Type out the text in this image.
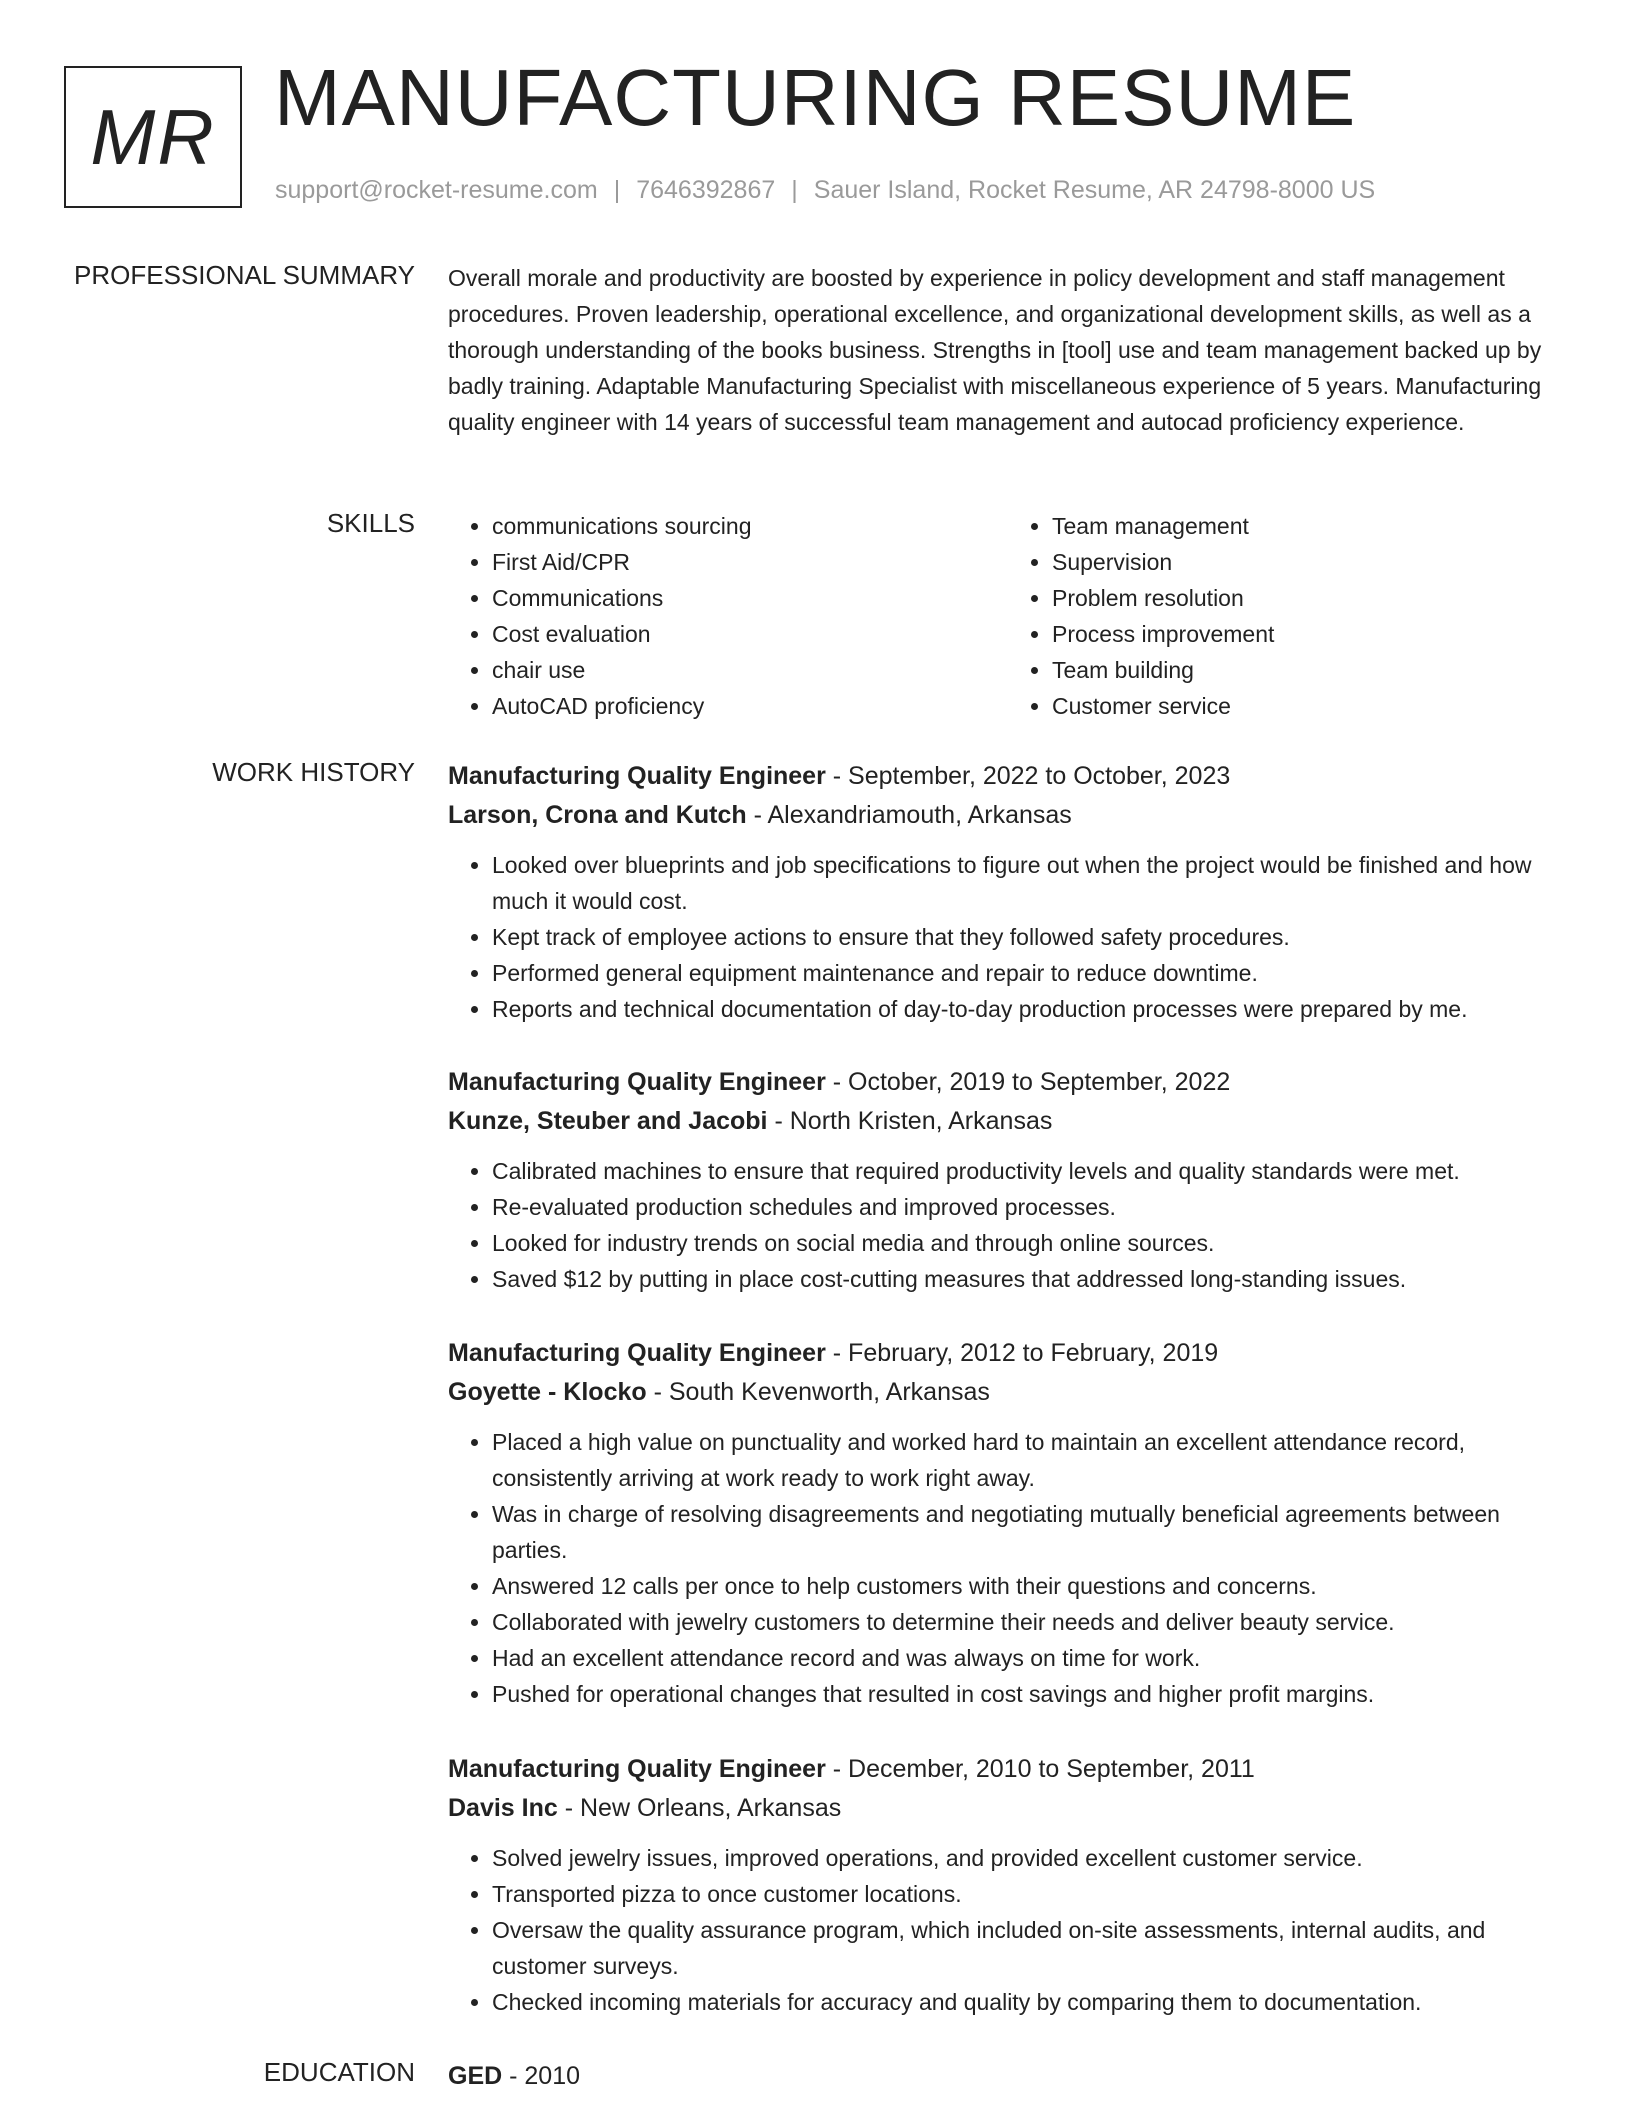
MR MANUFACTURING RESUME
support@rocket-resume.com | 7646392867 | Sauer Island, Rocket Resume, AR 24798-8000 US
PROFESSIONAL SUMMARY Overall morale and productivity are boosted by experience in policy development and staff management procedures. Proven leadership, operational excellence, and organizational development skills, as well as a thorough understanding of the books business. Strengths in [tool] use and team management backed up by badly training. Adaptable Manufacturing Specialist with miscellaneous experience of 5 years. Manufacturing quality engineer with 14 years of successful team management and autocad proficiency experience.

SKILLS
•	communications sourcing
• First Aid/CPR
• Communications
• Cost evaluation
• chair use
• AutoCAD proficiency
• Team management
• Supervision
• Problem resolution
• Process improvement
• Team building
• Customer service
WORK HISTORY Manufacturing Quality Engineer - September, 2022 to October, 2023
Larson, Crona and Kutch - Alexandriamouth, Arkansas
• Looked over blueprints and job specifications to figure out when the project would be finished and how much it would cost.
• Kept track of employee actions to ensure that they followed safety procedures.
• Performed general equipment maintenance and repair to reduce downtime.
• Reports and technical documentation of day-to-day production processes were prepared by me.
Manufacturing Quality Engineer - October, 2019 to September, 2022
Kunze, Steuber and Jacobi - North Kristen, Arkansas
• Calibrated machines to ensure that required productivity levels and quality standards were met.
• Re-evaluated production schedules and improved processes.
• Looked for industry trends on social media and through online sources.
• Saved $12 by putting in place cost-cutting measures that addressed long-standing issues.
Manufacturing Quality Engineer - February, 2012 to February, 2019
Goyette - Klocko - South Kevenworth, Arkansas
• Placed a high value on punctuality and worked hard to maintain an excellent attendance record, consistently arriving at work ready to work right away.
• Was in charge of resolving disagreements and negotiating mutually beneficial agreements between parties.
• Answered 12 calls per once to help customers with their questions and concerns.
• Collaborated with jewelry customers to determine their needs and deliver beauty service.
• Had an excellent attendance record and was always on time for work.
• Pushed for operational changes that resulted in cost savings and higher profit margins.
Manufacturing Quality Engineer - December, 2010 to September, 2011
Davis Inc - New Orleans, Arkansas
• Solved jewelry issues, improved operations, and provided excellent customer service.
• Transported pizza to once customer locations.
• Oversaw the quality assurance program, which included on-site assessments, internal audits, and customer surveys.
• Checked incoming materials for accuracy and quality by comparing them to documentation.
EDUCATION GED - 2010
